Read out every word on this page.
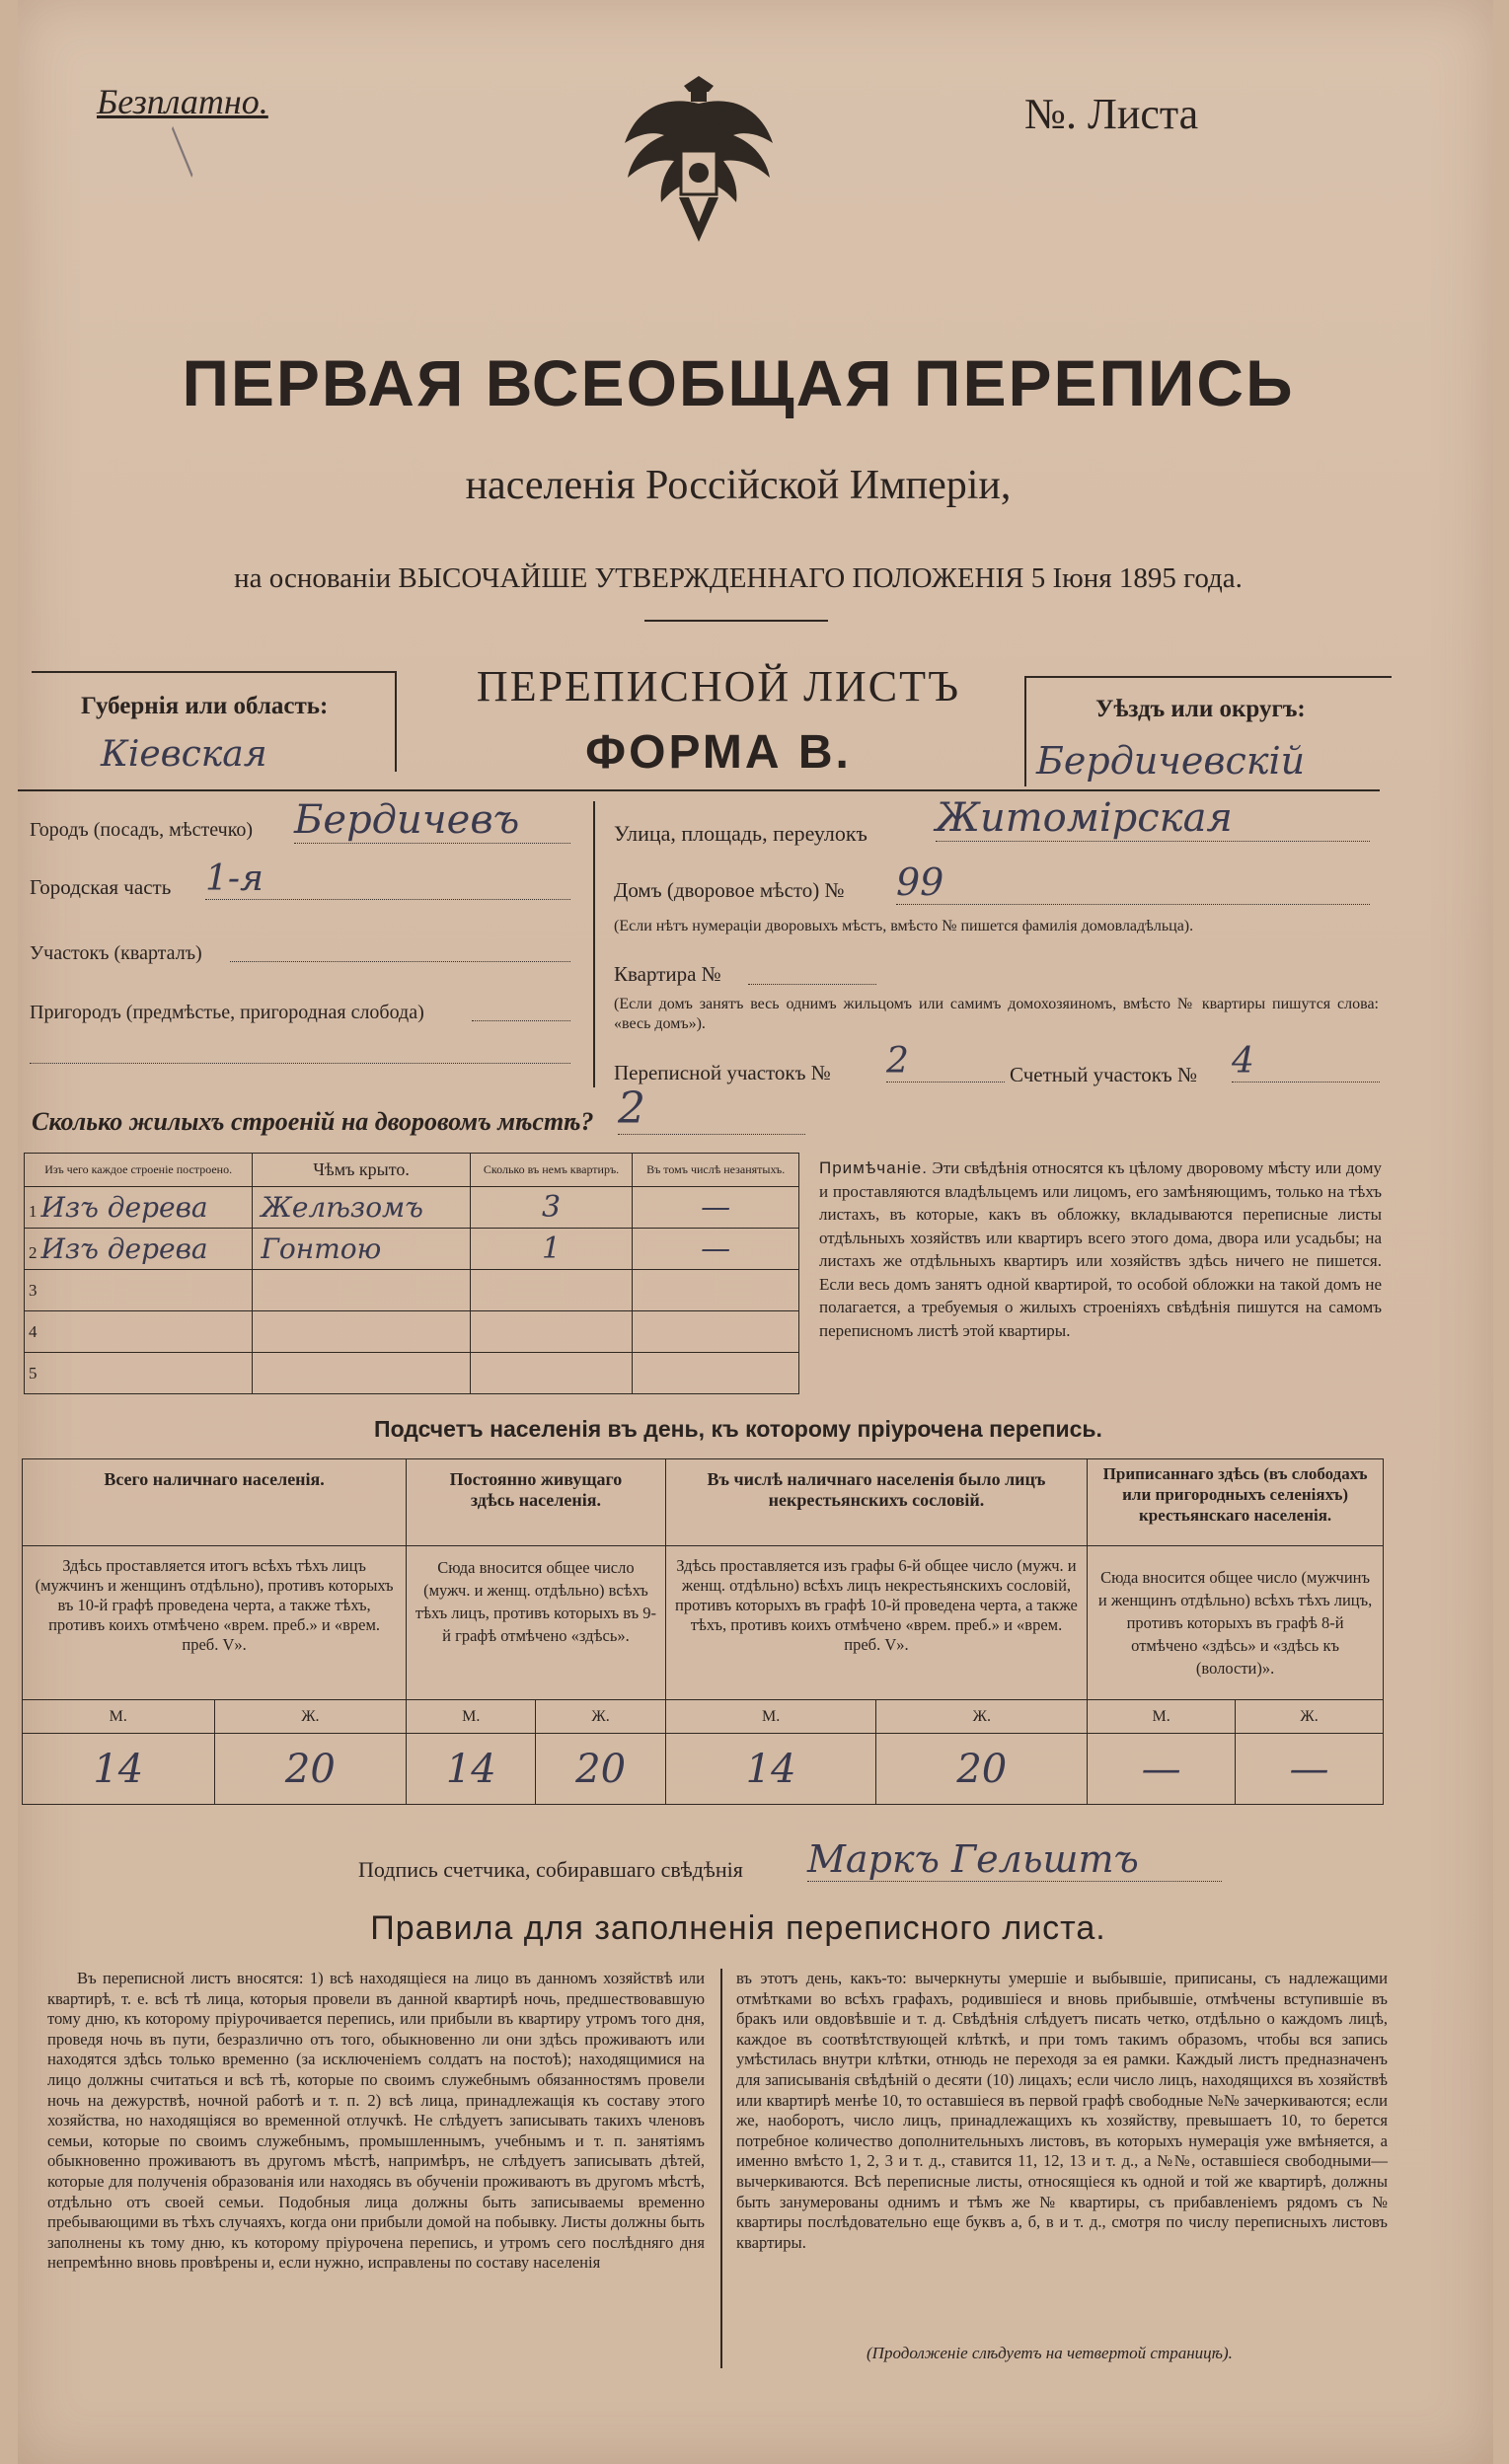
Безплатно.
⟋
№. Листа
ПЕРВАЯ ВСЕОБЩАЯ ПЕРЕПИСЬ
населенія Россійской Имперіи,
на основаніи ВЫСОЧАЙШЕ УТВЕРЖДЕННАГО ПОЛОЖЕНІЯ 5 Іюня 1895 года.
Губернія или область:
Кіевская
ПЕРЕПИСНОЙ ЛИСТЪ
ФОРМА В.
Уѣздъ или округъ:
Бердичевскій
Городъ (посадъ, мѣстечко) Бердичевъ
Городская часть 1-я
Участокъ (кварталъ)
Пригородъ (предмѣстье, пригородная слобода)
Улица, площадь, переулокъ Житомірская
Домъ (дворовое мѣсто) № 99
(Если нѣтъ нумераціи дворовыхъ мѣстъ, вмѣсто № пишется фамилія домовладѣльца).
Квартира №
(Если домъ занятъ весь однимъ жильцомъ или самимъ домохозяиномъ, вмѣсто № квартиры пишутся слова: «весь домъ»).
Переписной участокъ № 2	Счетный участокъ № 4
Сколько жилыхъ строеній на дворовомъ мѣстѣ? 2
Изъ чего каждое строеніе построено.	Чѣмъ крыто.	Сколько въ немъ квартиръ.	Въ томъ числѣ незанятыхъ.
1 Изъ дерева	Желѣзомъ	3	—
2 Изъ дерева	Гонтою	1	—
3			
4			
5			
Примѣчаніе. Эти свѣдѣнія относятся къ цѣлому дворовому мѣсту или дому и проставляются владѣльцемъ или лицомъ, его замѣняющимъ, только на тѣхъ листахъ, въ которые, какъ въ обложку, вкладываются переписные листы отдѣльныхъ хозяйствъ или квартиръ всего этого дома, двора или усадьбы; на листахъ же отдѣльныхъ квартиръ или хозяйствъ здѣсь ничего не пишется. Если весь домъ занятъ одной квартирой, то особой обложки на такой домъ не полагается, а требуемыя о жилыхъ строеніяхъ свѣдѣнія пишутся на самомъ переписномъ листѣ этой квартиры.
Подсчетъ населенія въ день, къ которому пріурочена перепись.
Всего наличнаго населенія.		Постоянно живущаго здѣсь населенія.		Въ числѣ наличнаго населенія было лицъ некрестьянскихъ сословій.		Приписаннаго здѣсь (въ слободахъ или пригородныхъ селеніяхъ) крестьянскаго населенія.	
Здѣсь проставляется итогъ всѣхъ тѣхъ лицъ (мужчинъ и женщинъ отдѣльно), противъ которыхъ въ 10-й графѣ проведена черта, а также тѣхъ, противъ коихъ отмѣчено «врем. преб.» и «врем. преб. V».		Сюда вносится общее число (мужч. и женщ. отдѣльно) всѣхъ тѣхъ лицъ, противъ которыхъ въ 9-й графѣ отмѣчено «здѣсь».		Здѣсь проставляется изъ графы 6-й общее число (мужч. и женщ. отдѣльно) всѣхъ лицъ некрестьянскихъ сословій, противъ которыхъ въ графѣ 10-й проведена черта, а также тѣхъ, противъ коихъ отмѣчено «врем. преб.» и «врем. преб. V».		Сюда вносится общее число (мужчинъ и женщинъ отдѣльно) всѣхъ тѣхъ лицъ, противъ которыхъ въ графѣ 8-й отмѣчено «здѣсь» и «здѣсь къ (волости)».	
М.	Ж.	М.	Ж.	М.	Ж.	М.	Ж.
14	20	14	20	14	20	—	—
Подпись счетчика, собиравшаго свѣдѣнія Маркъ Гельштъ
Правила для заполненія переписного листа.
Въ переписной листъ вносятся: 1) всѣ находящіеся на лицо въ данномъ хозяйствѣ или квартирѣ, т. е. всѣ тѣ лица, которыя провели въ данной квартирѣ ночь, предшествовавшую тому дню, къ которому пріурочивается перепись, или прибыли въ квартиру утромъ того дня, проведя ночь въ пути, безразлично отъ того, обыкновенно ли они здѣсь проживаютъ или находятся здѣсь только временно (за исключеніемъ солдатъ на постоѣ); находящимися на лицо должны считаться и всѣ тѣ, которые по своимъ служебнымъ обязанностямъ провели ночь на дежурствѣ, ночной работѣ и т. п. 2) всѣ лица, принадлежащія къ составу этого хозяйства, но находящіяся во временной отлучкѣ. Не слѣдуетъ записывать такихъ членовъ семьи, которые по своимъ служебнымъ, промышленнымъ, учебнымъ и т. п. занятіямъ обыкновенно проживаютъ въ другомъ мѣстѣ, напримѣръ, не слѣдуетъ записывать дѣтей, которые для полученія образованія или находясь въ обученіи проживаютъ въ другомъ мѣстѣ, отдѣльно отъ своей семьи. Подобныя лица должны быть записываемы временно пребывающими въ тѣхъ случаяхъ, когда они прибыли домой на побывку. Листы должны быть заполнены къ тому дню, къ которому пріурочена перепись, и утромъ сего послѣдняго дня непремѣнно вновь провѣрены и, если нужно, исправлены по составу населенія
въ этотъ день, какъ-то: вычеркнуты умершіе и выбывшіе, приписаны, съ надлежащими отмѣтками во всѣхъ графахъ, родившіеся и вновь прибывшіе, отмѣчены вступившіе въ бракъ или овдовѣвшіе и т. д. Свѣдѣнія слѣдуетъ писать четко, отдѣльно о каждомъ лицѣ, каждое въ соотвѣтствующей клѣткѣ, и при томъ такимъ образомъ, чтобы вся запись умѣстилась внутри клѣтки, отнюдь не переходя за ея рамки. Каждый листъ предназначенъ для записыванія свѣдѣній о десяти (10) лицахъ; если число лицъ, находящихся въ хозяйствѣ или квартирѣ менѣе 10, то оставшіеся въ первой графѣ свободные №№ зачеркиваются; если же, наоборотъ, число лицъ, принадлежащихъ къ хозяйству, превышаетъ 10, то берется потребное количество дополнительныхъ листовъ, въ которыхъ нумерація уже вмѣняется, а именно вмѣсто 1, 2, 3 и т. д., ставится 11, 12, 13 и т. д., а №№, оставшіеся свободными—вычеркиваются. Всѣ переписные листы, относящіеся къ одной и той же квартирѣ, должны быть занумерованы однимъ и тѣмъ же № квартиры, съ прибавленіемъ рядомъ съ № квартиры послѣдовательно еще буквъ а, б, в и т. д., смотря по числу переписныхъ листовъ квартиры.
(Продолженіе слѣдуетъ на четвертой страницѣ).
